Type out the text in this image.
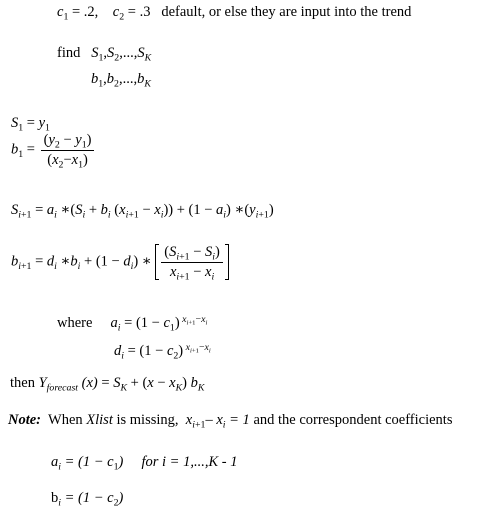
$c_1 = .2$,    $c_2 = .3$ default, or else they are input into the trend
find $S_1,S_2,...,S_K$
$b_1,b_2,...,b_K$
$S_1 = y_1$
$b_1 = \frac{(y_2 - y_1)}{(x_2-x_1)}$
$S_{i+1} = a_i$ $∗(S_i + b_i$ $(x_{i+1} - x_i)) + (1 - a_i)$ $∗(y_{i+1})$
$b_{i+1} = d_i$ $∗b_i + (1 - d_i)$ ∗ $\frac{(S_{i+1} - S_i)}{x_{i+1} - x_i}$
where $a_i = (1 - c_1)$ $^{x_{i+1}-x_i}$
$d_i = (1 - c_2)$ $^{x_{i+1}-x_i}$
then $Y_{forecast}$ $(x) = S_K + (x - x_K)$ $b_K$
Note: When Xlist is missing, $x_{i+1}-$ $x_i = 1$ and the correspondent coefficients
$a_i = (1 - c_1)$ for i = 1,...,K - 1
$b_i = (1 - c_2)$
